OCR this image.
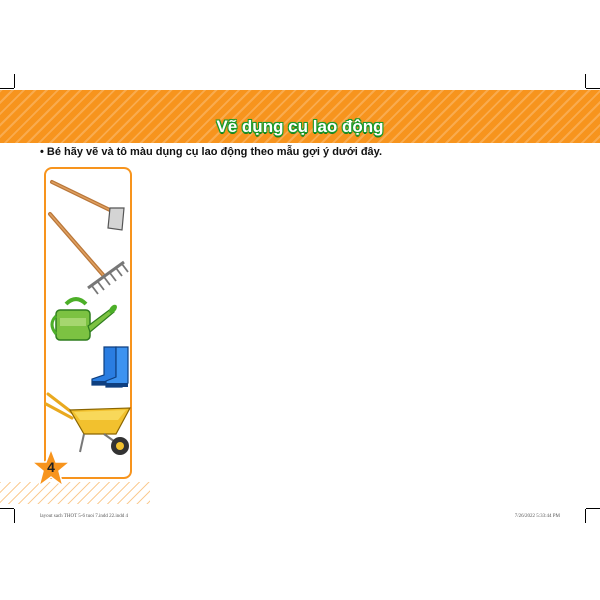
Vẽ dụng cụ lao động
• Bé hãy vẽ và tô màu dụng cụ lao động theo mẫu gợi ý dưới đây.
4
layout sach THOT 5-6 tuoi 7.indd 22.indd 4	7/26/2022 5:33:44 PM
